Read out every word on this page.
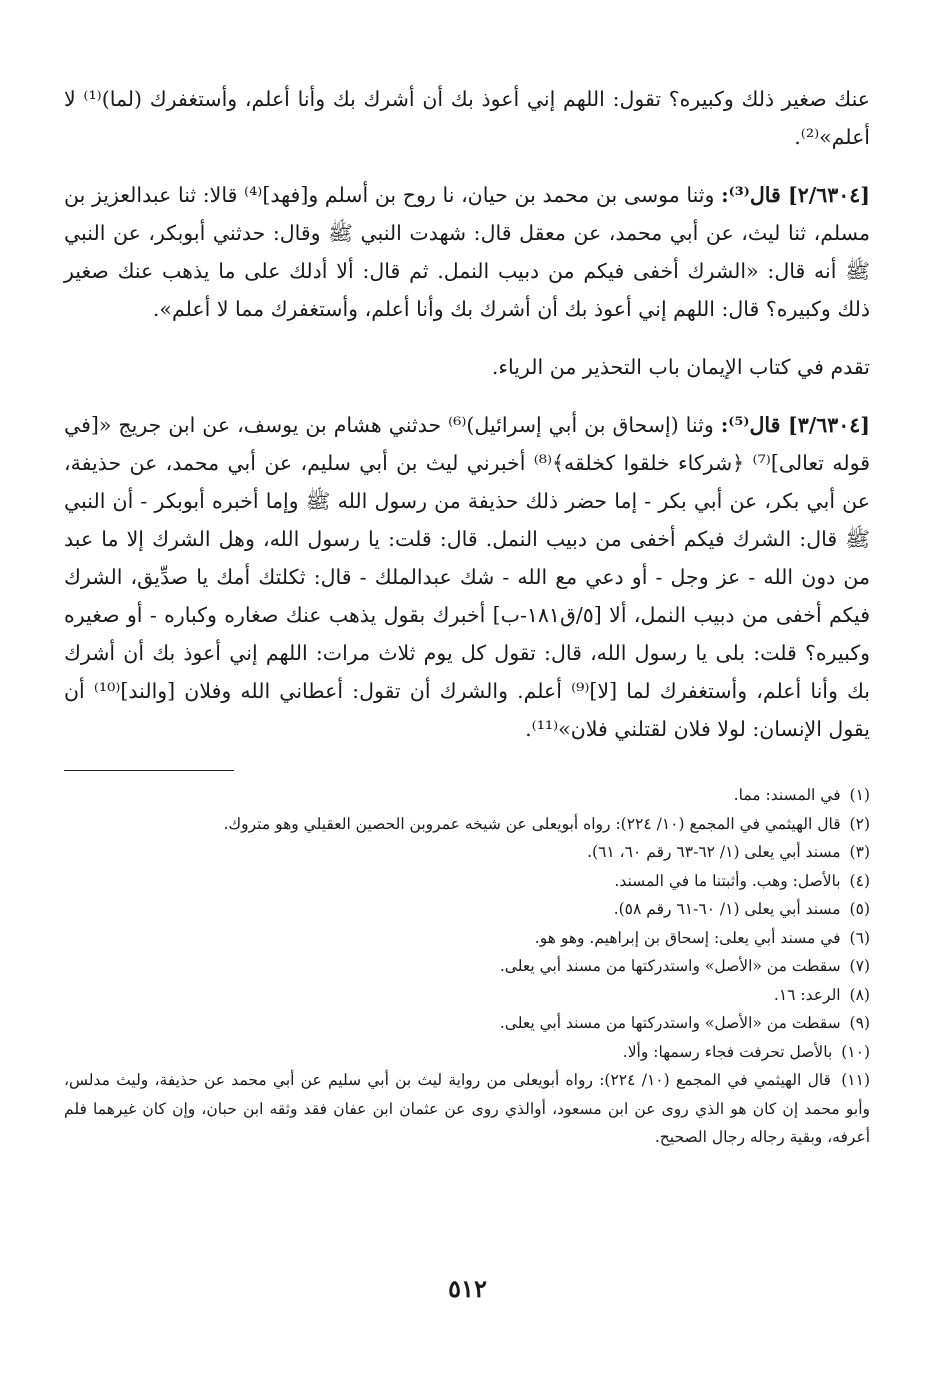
عنك صغير ذلك وكبيره؟ تقول: اللهم إني أعوذ بك أن أشرك بك وأنا أعلم، وأستغفرك (لما)⁽¹⁾ لا أعلم»⁽²⁾.

[٢/٦٣٠٤] قال⁽³⁾: وثنا موسى بن محمد بن حيان، نا روح بن أسلم و[فهد]⁽⁴⁾ قالا: ثنا عبدالعزيز بن مسلم، ثنا ليث، عن أبي محمد، عن معقل قال: شهدت النبي ﷺ وقال: حدثني أبوبكر، عن النبي ﷺ أنه قال: «الشرك أخفى فيكم من دبيب النمل. ثم قال: ألا أدلك على ما يذهب عنك صغير ذلك وكبيره؟ قال: اللهم إني أعوذ بك أن أشرك بك وأنا أعلم، وأستغفرك مما لا أعلم».

تقدم في كتاب الإيمان باب التحذير من الرياء.

[٣/٦٣٠٤] قال⁽⁵⁾: وثنا (إسحاق بن أبي إسرائيل)⁽⁶⁾ حدثني هشام بن يوسف، عن ابن جريج «[في قوله تعالى]⁽⁷⁾ ﴿شركاء خلقوا كخلقه﴾⁽⁸⁾ أخبرني ليث بن أبي سليم، عن أبي محمد، عن حذيفة، عن أبي بكر، عن أبي بكر - إما حضر ذلك حذيفة من رسول الله ﷺ وإما أخبره أبوبكر - أن النبي ﷺ قال: الشرك فيكم أخفى من دبيب النمل. قال: قلت: يا رسول الله، وهل الشرك إلا ما عبد من دون الله - عز وجل - أو دعي مع الله - شك عبدالملك - قال: ثكلتك أمك يا صدِّيق، الشرك فيكم أخفى من دبيب النمل، ألا [٥/ق١٨١-ب] أخبرك بقول يذهب عنك صغاره وكباره - أو صغيره وكبيره؟ قلت: بلى يا رسول الله، قال: تقول كل يوم ثلاث مرات: اللهم إني أعوذ بك أن أشرك بك وأنا أعلم، وأستغفرك لما [لا]⁽⁹⁾ أعلم. والشرك أن تقول: أعطاني الله وفلان [والند]⁽¹⁰⁾ أن يقول الإنسان: لولا فلان لقتلني فلان»⁽¹¹⁾.

(١) في المسند: مما.
(٢) قال الهيثمي في المجمع (١٠/ ٢٢٤): رواه أبويعلى عن شيخه عمروبن الحصين العقيلي وهو متروك.
(٣) مسند أبي يعلى (١/ ٦٢-٦٣ رقم ٦٠، ٦١).
(٤) بالأصل: وهب. وأثبتنا ما في المسند.
(٥) مسند أبي يعلى (١/ ٦٠-٦١ رقم ٥٨).
(٦) في مسند أبي يعلى: إسحاق بن إبراهيم. وهو هو.
(٧) سقطت من «الأصل» واستدركتها من مسند أبي يعلى.
(٨) الرعد: ١٦.
(٩) سقطت من «الأصل» واستدركتها من مسند أبي يعلى.
(١٠) بالأصل تحرفت فجاء رسمها: وألا.
(١١) قال الهيثمي في المجمع (١٠/ ٢٢٤): رواه أبويعلى من رواية ليث بن أبي سليم عن أبي محمد عن حذيفة، وليث مدلس، وأبو محمد إن كان هو الذي روى عن ابن مسعود، أوالذي روى عن عثمان ابن عفان فقد وثقه ابن حبان، وإن كان غيرهما فلم أعرفه، وبقية رجاله رجال الصحيح.
٥١٢
